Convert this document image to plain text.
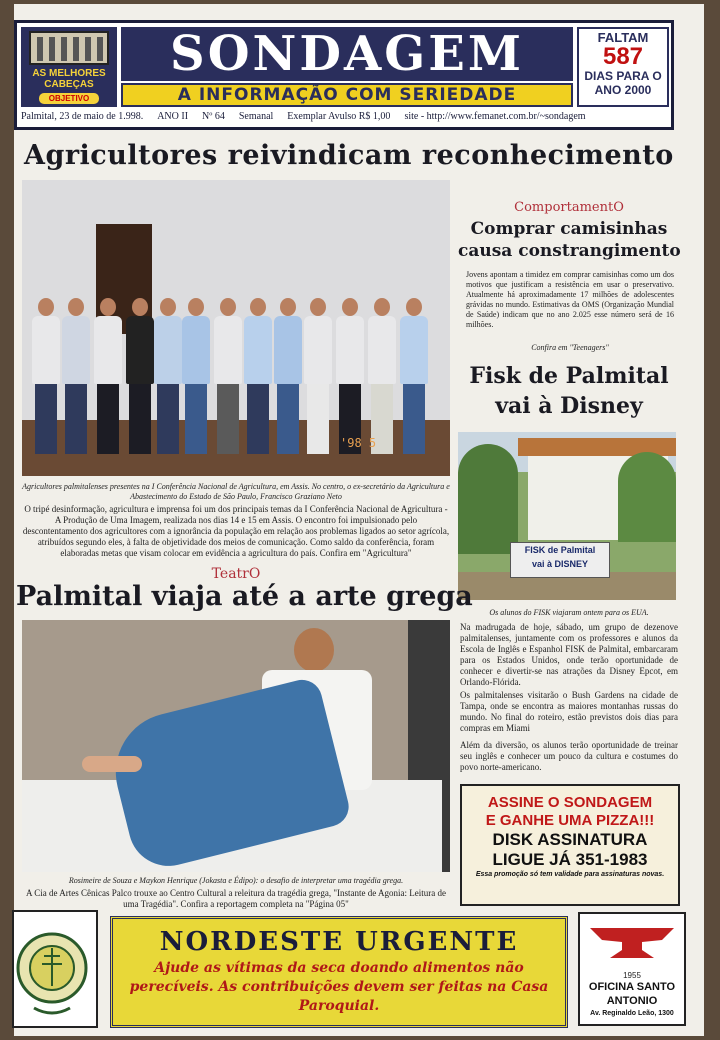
AS MELHORES
CABEÇAS
OBJETIVO
SONDAGEM
A INFORMAÇÃO COM SERIEDADE
FALTAM
587
DIAS PARA O
ANO 2000
Palmital, 23 de maio de 1.998. ANO II Nº 64 Semanal Exemplar Avulso R$ 1,00 site - http://www.femanet.com.br/~sondagem
Agricultores reivindicam reconhecimento
'98 5
Agricultores palmitalenses presentes na I Conferência Nacional de Agricultura, em Assis. No centro, o ex-secretário da Agricultura e Abastecimento do Estado de São Paulo, Francisco Graziano Neto
O tripé desinformação, agricultura e imprensa foi um dos principais temas da I Conferência Nacional de Agricultura - A Produção de Uma Imagem, realizada nos dias 14 e 15 em Assis. O encontro foi impulsionado pelo descontentamento dos agricultores com a ignorância da população em relação aos problemas ligados ao setor agrícola, atribuídos segundo eles, à falta de objetividade dos meios de comunicação. Como saldo da conferência, foram elaboradas metas que visam colocar em evidência a agricultura do país. Confira em "Agricultura"
ComportamentO
Comprar camisinhas
causa constrangimento
Jovens apontam a timidez em comprar camisinhas como um dos motivos que justificam a resistência em usar o preservativo. Atualmente há aproximadamente 17 milhões de adolescentes grávidas no mundo. Estimativas da OMS (Organização Mundial de Saúde) indicam que no ano 2.025 esse número será de 16 milhões.
Confira em "Teenagers"
Fisk de Palmital
vai à Disney
FISK de Palmital
vai à DISNEY
Os alunos do FISK viajaram ontem para os EUA.
Na madrugada de hoje, sábado, um grupo de dezenove palmitalenses, juntamente com os professores e alunos da Escola de Inglês e Espanhol FISK de Palmital, embarcaram para os Estados Unidos, onde terão oportunidade de conhecer e divertir-se nas atrações da Disney Epcot, em Orlando-Flórida.
Os palmitalenses visitarão o Bush Gardens na cidade de Tampa, onde se encontra as maiores montanhas russas do mundo. No final do roteiro, estão previstos dois dias para compras em Miami
Além da diversão, os alunos terão oportunidade de treinar seu inglês e conhecer um pouco da cultura e costumes do povo norte-americano.
TeatrO
Palmital viaja até a arte grega
Rosimeire de Souza e Maykon Henrique (Jokasta e Édipo): o desafio de interpretar uma tragédia grega.
A Cia de Artes Cênicas Palco trouxe ao Centro Cultural a releitura da tragédia grega, "Instante de Agonia: Leitura de uma Tragédia". Confira a reportagem completa na "Página 05"
ASSINE O SONDAGEM
E GANHE UMA PIZZA!!!
DISK ASSINATURA
LIGUE JÁ 351-1983
Essa promoção só tem validade para assinaturas novas.
NORDESTE URGENTE
Ajude as vítimas da seca doando alimentos não perecíveis. As contribuições devem ser feitas na Casa Paroquial.
1955
OFICINA SANTO
ANTONIO
Av. Reginaldo Leão, 1300
